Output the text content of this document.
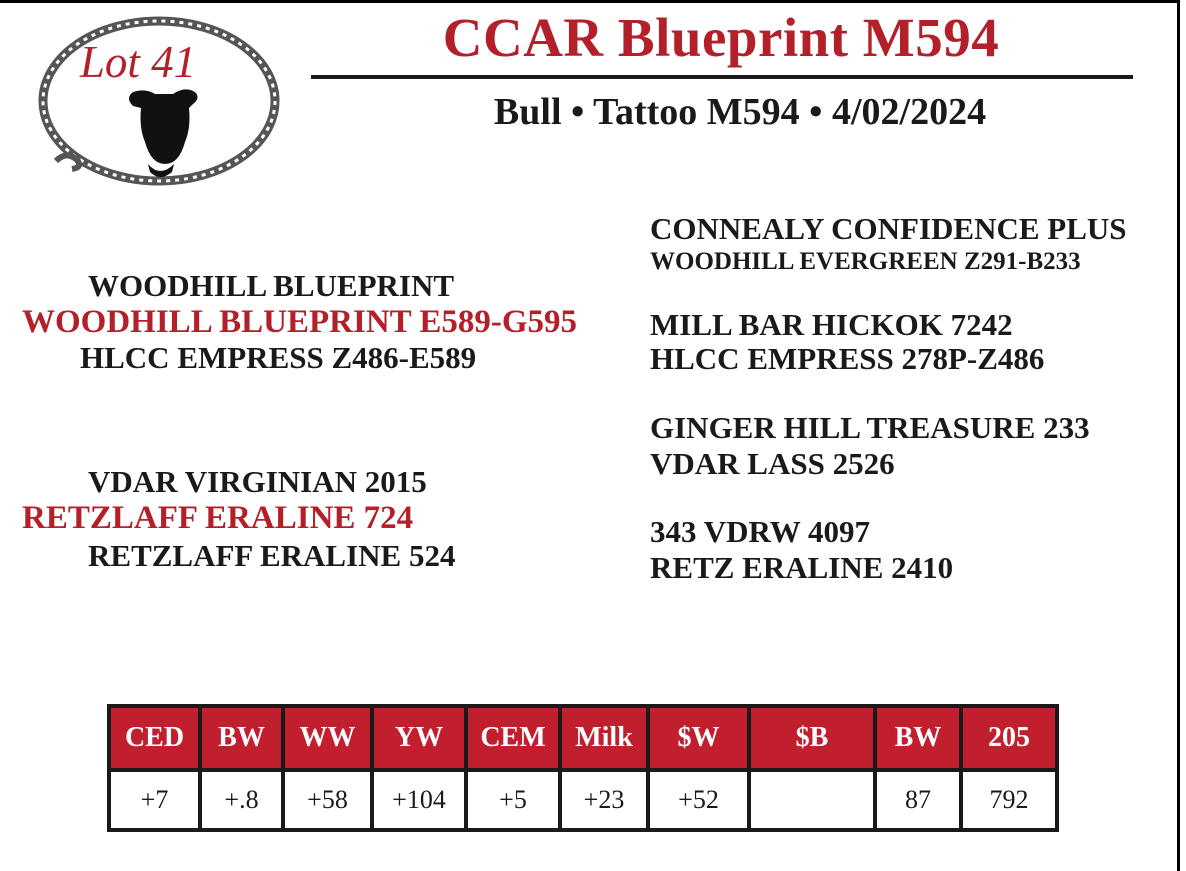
Lot 41	CCAR Blueprint M594
Bull • Tattoo M594 • 4/02/2024
WOODHILL BLUEPRINT
WOODHILL BLUEPRINT E589-G595
HLCC EMPRESS Z486-E589
VDAR VIRGINIAN 2015
RETZLAFF ERALINE 724
RETZLAFF ERALINE 524
CONNEALY CONFIDENCE PLUS
WOODHILL EVERGREEN Z291-B233
MILL BAR HICKOK 7242
HLCC EMPRESS 278P-Z486
GINGER HILL TREASURE 233
VDAR LASS 2526
343 VDRW 4097
RETZ ERALINE 2410
CED	BW	WW	YW	CEM	Milk	$W	$B	BW	205
+7	+.8	+58	+104	+5	+23	+52		87	792
